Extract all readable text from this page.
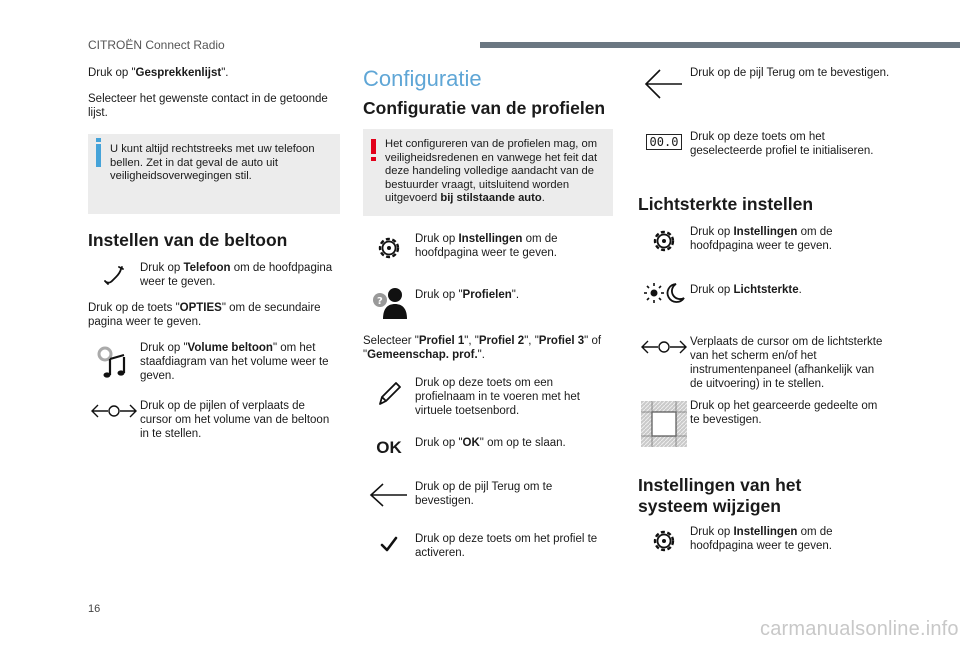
CITROËN Connect Radio

Druk op "Gesprekkenlijst".

Selecteer het gewenste contact in de getoonde lijst.

U kunt altijd rechtstreeks met uw telefoon bellen. Zet in dat geval de auto uit veiligheidsoverwegingen stil.
Instellen van de beltoon
Druk op Telefoon om de hoofdpagina weer te geven.

Druk op de toets "OPTIES" om de secundaire pagina weer te geven.

Druk op "Volume beltoon" om het staafdiagram van het volume weer te geven.
Druk op de pijlen of verplaats de cursor om het volume van de beltoon in te stellen.
Configuratie
Configuratie van de profielen
Het configureren van de profielen mag, om veiligheidsredenen en vanwege het feit dat deze handeling volledige aandacht van de bestuurder vraagt, uitsluitend worden uitgevoerd bij stilstaande auto.
Druk op Instellingen om de hoofdpagina weer te geven.
?
Druk op "Profielen".

Selecteer "Profiel 1", "Profiel 2", "Profiel 3" of "Gemeenschap. prof.".

Druk op deze toets om een profielnaam in te voeren met het virtuele toetsenbord.
OK	Druk op "OK" om op te slaan.
Druk op de pijl Terug om te bevestigen.
Druk op deze toets om het profiel te activeren.
Druk op de pijl Terug om te bevestigen.
00.0	Druk op deze toets om het geselecteerde profiel te initialiseren.
Lichtsterkte instellen
Druk op Instellingen om de hoofdpagina weer te geven.
Druk op Lichtsterkte.
Verplaats de cursor om de lichtsterkte van het scherm en/of het instrumentenpaneel (afhankelijk van de uitvoering) in te stellen.
Druk op het gearceerde gedeelte om te bevestigen.
Instellingen van het systeem wijzigen
Druk op Instellingen om de hoofdpagina weer te geven.
16
carmanualsonline.info
